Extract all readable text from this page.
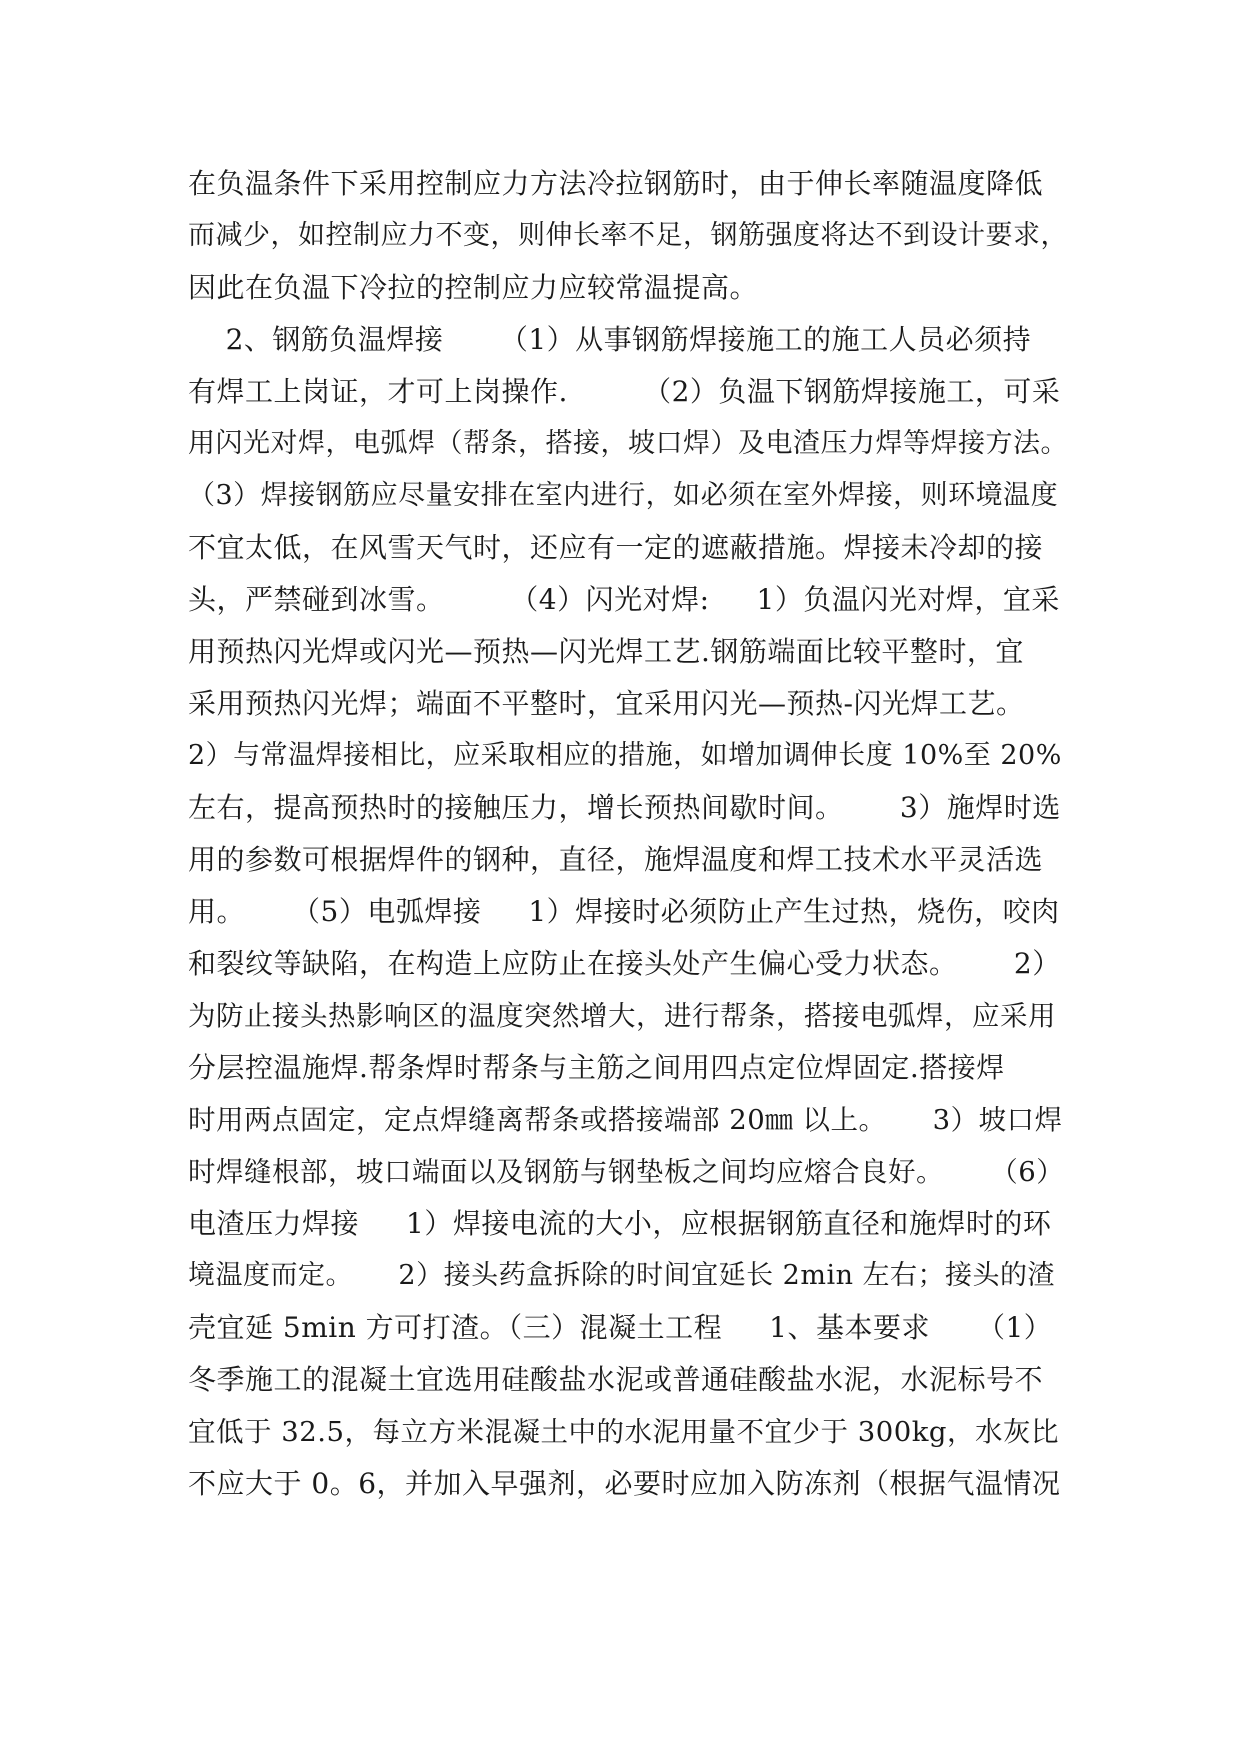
在负温条件下采用控制应力方法冷拉钢筋时，由于伸长率随温度降低
而减少，如控制应力不变，则伸长率不足，钢筋强度将达不到设计要求，
因此在负温下冷拉的控制应力应较常温提高。
2、钢筋负温焊接      （1）从事钢筋焊接施工的施工人员必须持
有焊工上岗证，才可上岗操作.        （2）负温下钢筋焊接施工，可采
用闪光对焊，电弧焊（帮条，搭接，坡口焊）及电渣压力焊等焊接方法。
（3）焊接钢筋应尽量安排在室内进行，如必须在室外焊接，则环境温度
不宜太低，在风雪天气时，还应有一定的遮蔽措施。焊接未冷却的接
头，严禁碰到冰雪。       （4）闪光对焊:     1）负温闪光对焊，宜采
用预热闪光焊或闪光—预热—闪光焊工艺.钢筋端面比较平整时，宜
采用预热闪光焊；端面不平整时，宜采用闪光—预热-闪光焊工艺。
2）与常温焊接相比，应采取相应的措施，如增加调伸长度 10%至 20%
左右，提高预热时的接触压力，增长预热间歇时间。      3）施焊时选
用的参数可根据焊件的钢种，直径，施焊温度和焊工技术水平灵活选
用。     （5）电弧焊接     1）焊接时必须防止产生过热，烧伤，咬肉
和裂纹等缺陷，在构造上应防止在接头处产生偏心受力状态。      2）
为防止接头热影响区的温度突然增大，进行帮条，搭接电弧焊，应采用
分层控温施焊.帮条焊时帮条与主筋之间用四点定位焊固定.搭接焊
时用两点固定，定点焊缝离帮条或搭接端部 20㎜ 以上。     3）坡口焊
时焊缝根部，坡口端面以及钢筋与钢垫板之间均应熔合良好。     （6）
电渣压力焊接     1）焊接电流的大小，应根据钢筋直径和施焊时的环
境温度而定。     2）接头药盒拆除的时间宜延长 2min 左右；接头的渣
壳宜延 5min 方可打渣。（三）混凝土工程     1、基本要求     （1）
冬季施工的混凝土宜选用硅酸盐水泥或普通硅酸盐水泥，水泥标号不
宜低于 32.5，每立方米混凝土中的水泥用量不宜少于 300kg，水灰比
不应大于 0。6，并加入早强剂，必要时应加入防冻剂（根据气温情况
